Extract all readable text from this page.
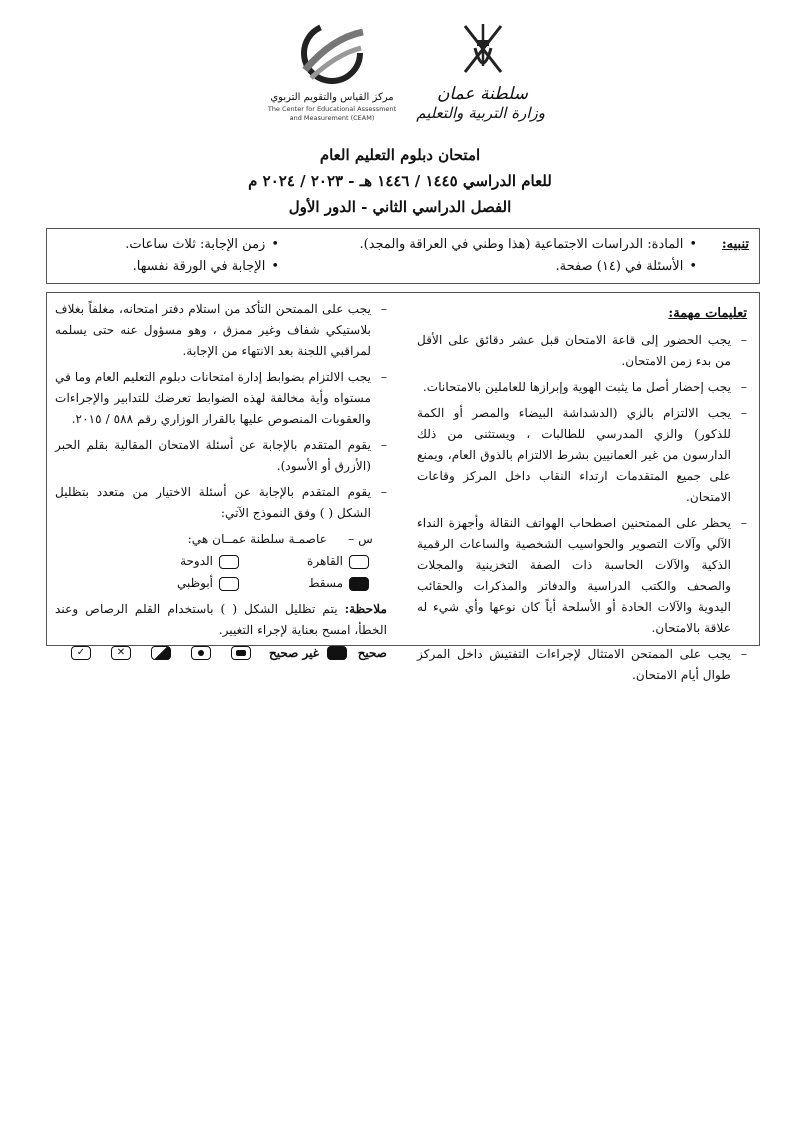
مركز القياس والتقويم التربوي
The Center for Educational Assessment
and Measurement (CEAM)
سلطنة عمان
وزارة التربية والتعليم
امتحان دبلوم التعليم العام
للعام الدراسي ١٤٤٥ / ١٤٤٦ هـ - ٢٠٢٣ / ٢٠٢٤ م
الفصل الدراسي الثاني - الدور الأول
تنبيه:
• المادة: الدراسات الاجتماعية (هذا وطني في العراقة والمجد).
• الأسئلة في (١٤) صفحة.
• زمن الإجابة: ثلاث ساعات.
• الإجابة في الورقة نفسها.
تعليمات مهمة:
– يجب الحضور إلى قاعة الامتحان قبل عشر دقائق على الأقل من بدء زمن الامتحان.
– يجب إحضار أصل ما يثبت الهوية وإبرازها للعاملين بالامتحانات.
– يجب الالتزام بالزي (الدشداشة البيضاء والمصر أو الكمة للذكور) والزي المدرسي للطالبات ، ويستثنى من ذلك الدارسون من غير العمانيين بشرط الالتزام بالذوق العام، ويمنع على جميع المتقدمات ارتداء النقاب داخل المركز وقاعات الامتحان.
– يحظر على الممتحنين اصطحاب الهواتف النقالة وأجهزة النداء الآلي وآلات التصوير والحواسيب الشخصية والساعات الرقمية الذكية والآلات الحاسبة ذات الصفة التخزينية والمجلات والصحف والكتب الدراسية والدفاتر والمذكرات والحقائب اليدوية والآلات الحادة أو الأسلحة أياً كان نوعها وأي شيء له علاقة بالامتحان.
– يجب على الممتحن الامتثال لإجراءات التفتيش داخل المركز طوال أيام الامتحان.
– يجب على الممتحن التأكد من استلام دفتر امتحانه، مغلفاً بغلاف بلاستيكي شفاف وغير ممزق ، وهو مسؤول عنه حتى يسلمه لمراقبي اللجنة بعد الانتهاء من الإجابة.
– يجب الالتزام بضوابط إدارة امتحانات دبلوم التعليم العام وما في مستواه وأية مخالفة لهذه الضوابط تعرضك للتدابير والإجراءات والعقوبات المنصوص عليها بالقرار الوزاري رقم ٥٨٨ / ٢٠١٥.
– يقوم المتقدم بالإجابة عن أسئلة الامتحان المقالية بقلم الحبر (الأزرق أو الأسود).
– يقوم المتقدم بالإجابة عن أسئلة الاختيار من متعدد بتظليل الشكل ( ) وفق النموذج الآتي:
س –
عاصمـة سلطنة عمــان هي:
القاهرة
الدوحة
مسقط
أبوظبي
ملاحظة: يتم تظليل الشكل ( ) باستخدام القلم الرصاص وعند الخطأ، امسح بعناية لإجراء التغيير.
صحيح
غير صحيح
✕
✓
